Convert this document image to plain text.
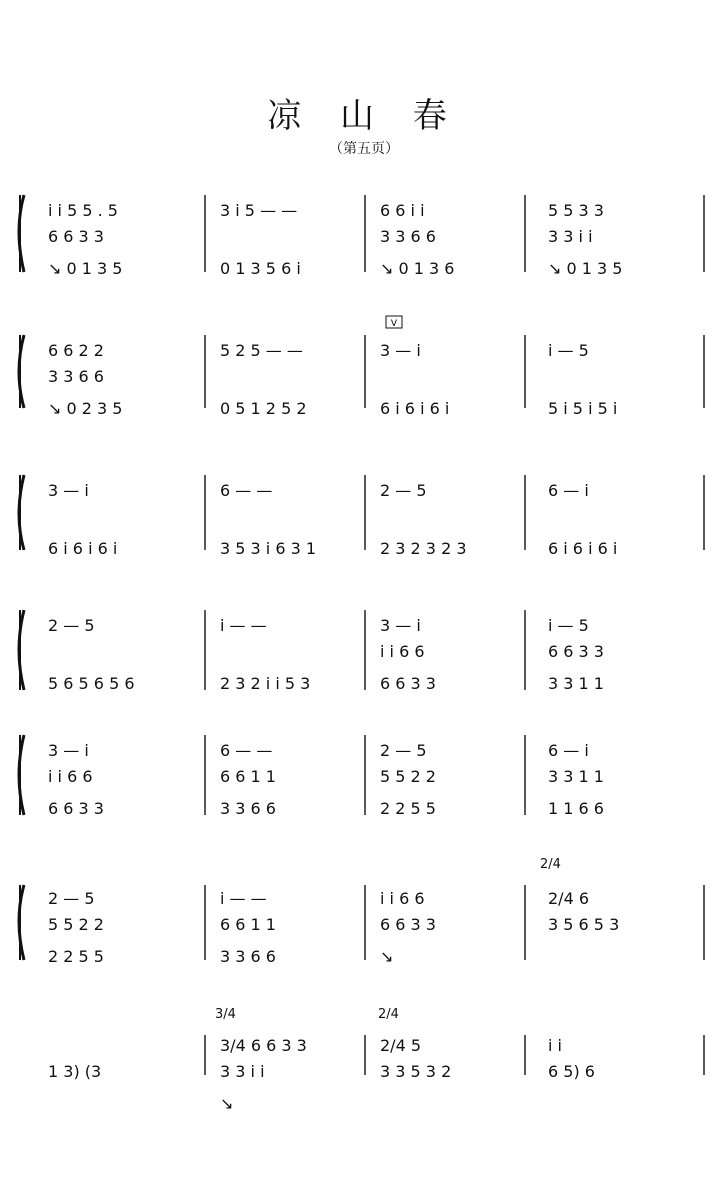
凉 山 春
（第五页）
V
2/4
3/4	2/4
i i 5 5 . 5
6 6 3 3
↘ 0 1 3 5
3 i 5 — —
0 1 3 5 6 i
6 6 i i
3 3 6 6
↘ 0 1 3 6
5 5 3 3
3 3 i i
↘ 0 1 3 5
6 6 2 2
3 3 6 6
↘ 0 2 3 5
5 2 5 — —
0 5 1 2 5 2
3 — i
6 i 6 i 6 i
i — 5
5 i 5 i 5 i
3 — i
6 i 6 i 6 i
6 — —
3 5 3 i 6 3 1
2 — 5
2 3 2 3 2 3
6 — i
6 i 6 i 6 i
2 — 5
5 6 5 6 5 6
i — —
2 3 2 i i 5 3
3 — i
i i 6 6
6 6 3 3
i — 5
6 6 3 3
3 3 1 1
3 — i
i i 6 6
6 6 3 3
6 — —
6 6 1 1
3 3 6 6
2 — 5
5 5 2 2
2 2 5 5
6 — i
3 3 1 1
1 1 6 6
2 — 5
5 5 2 2
2 2 5 5
i — —
6 6 1 1
3 3 6 6
i i 6 6
6 6 3 3
↘
2/4 6
3 5 6 5 3
1 3) (3
3/4 6 6 3 3
3 3 i i
↘
2/4 5
3 3 5 3 2
i i
6 5) 6
